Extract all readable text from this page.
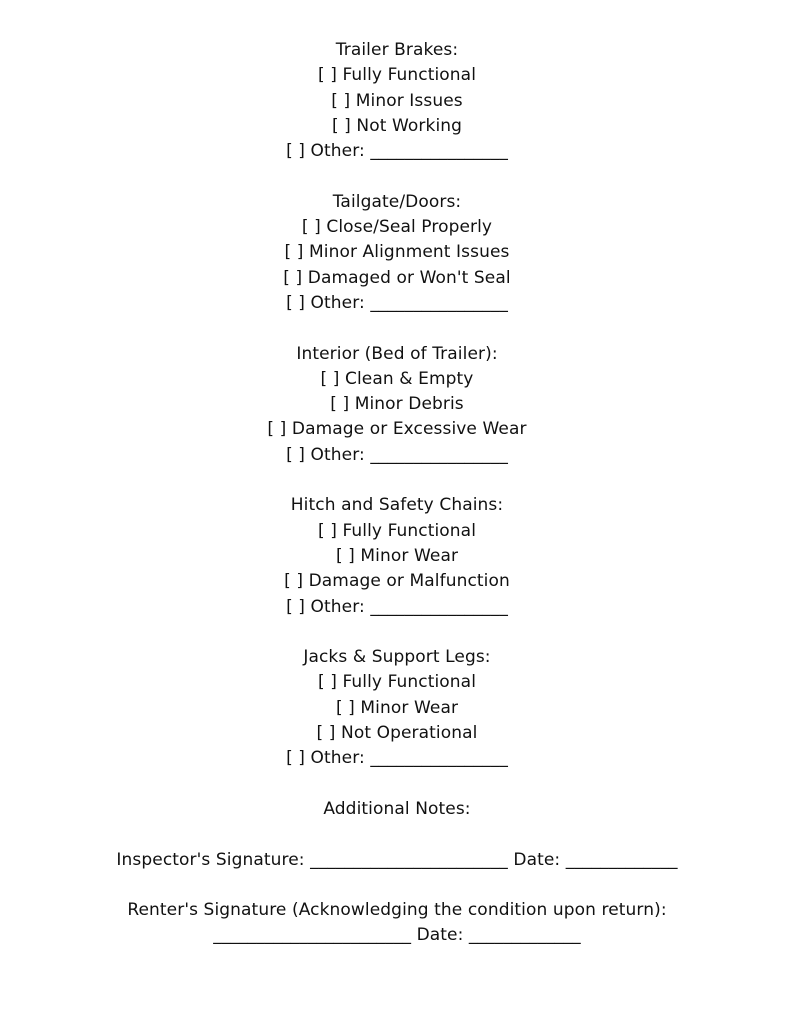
Trailer Brakes:
[ ] Fully Functional
[ ] Minor Issues
[ ] Not Working
[ ] Other: ________________
Tailgate/Doors:
[ ] Close/Seal Properly
[ ] Minor Alignment Issues
[ ] Damaged or Won't Seal
[ ] Other: ________________
Interior (Bed of Trailer):
[ ] Clean & Empty
[ ] Minor Debris
[ ] Damage or Excessive Wear
[ ] Other: ________________
Hitch and Safety Chains:
[ ] Fully Functional
[ ] Minor Wear
[ ] Damage or Malfunction
[ ] Other: ________________
Jacks & Support Legs:
[ ] Fully Functional
[ ] Minor Wear
[ ] Not Operational
[ ] Other: ________________
Additional Notes:
Inspector's Signature: _______________________ Date: _____________
Renter's Signature (Acknowledging the condition upon return):
_______________________ Date: _____________
